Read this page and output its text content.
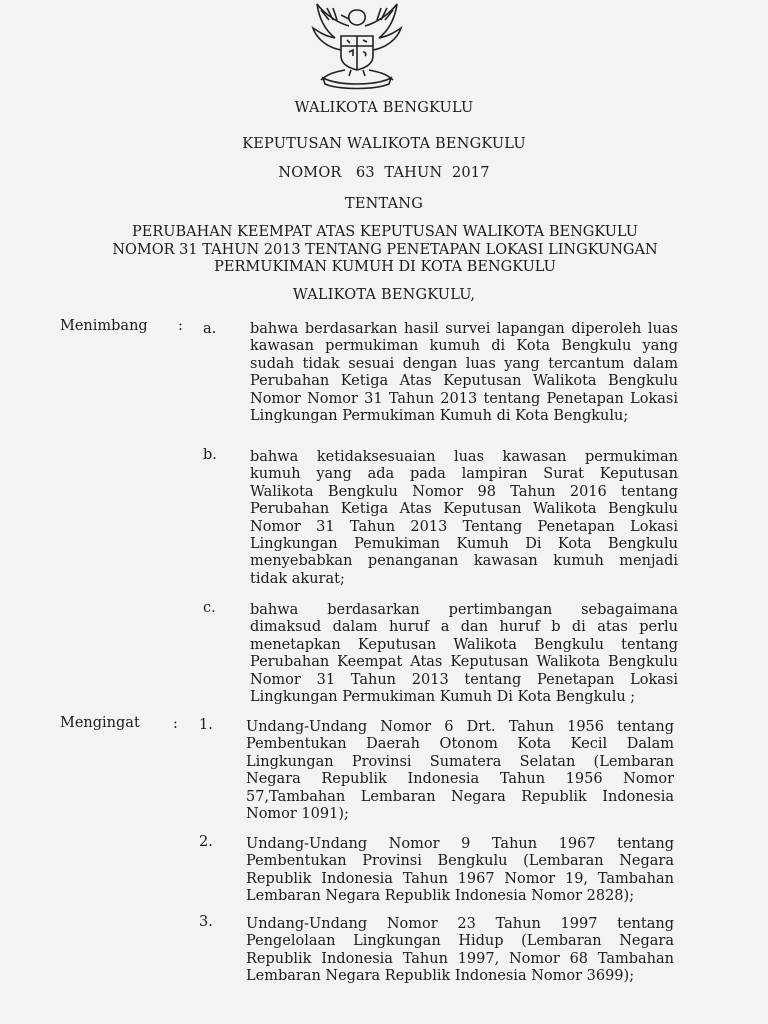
WALIKOTA BENGKULU
KEPUTUSAN WALIKOTA BENGKULU
NOMOR   63  TAHUN  2017
TENTANG
PERUBAHAN KEEMPAT ATAS KEPUTUSAN WALIKOTA BENGKULU
NOMOR 31 TAHUN 2013 TENTANG PENETAPAN LOKASI LINGKUNGAN
PERMUKIMAN KUMUH DI KOTA BENGKULU
WALIKOTA BENGKULU,
Menimbang : a. bahwa berdasarkan hasil survei lapangan diperoleh luas
kawasan permukiman kumuh di Kota Bengkulu yang
sudah tidak sesuai dengan luas yang tercantum dalam
Perubahan Ketiga Atas Keputusan Walikota Bengkulu
Nomor Nomor 31 Tahun 2013 tentang Penetapan Lokasi
Lingkungan Permukiman Kumuh di Kota Bengkulu;
b. bahwa ketidaksesuaian luas kawasan permukiman
kumuh yang ada pada lampiran Surat Keputusan
Walikota Bengkulu Nomor 98 Tahun 2016 tentang
Perubahan Ketiga Atas Keputusan Walikota Bengkulu
Nomor 31 Tahun 2013 Tentang Penetapan Lokasi
Lingkungan Pemukiman Kumuh Di Kota Bengkulu
menyebabkan penanganan kawasan kumuh menjadi
tidak akurat;
c. bahwa berdasarkan pertimbangan sebagaimana
dimaksud dalam huruf a dan huruf b di atas perlu
menetapkan Keputusan Walikota Bengkulu tentang
Perubahan Keempat Atas Keputusan Walikota Bengkulu
Nomor 31 Tahun 2013 tentang Penetapan Lokasi
Lingkungan Permukiman Kumuh Di Kota Bengkulu ;
Mengingat : 1. Undang-Undang Nomor 6 Drt. Tahun 1956 tentang
Pembentukan Daerah Otonom Kota Kecil Dalam
Lingkungan Provinsi Sumatera Selatan (Lembaran
Negara Republik Indonesia Tahun 1956 Nomor
57,Tambahan Lembaran Negara Republik Indonesia
Nomor 1091);
2. Undang-Undang Nomor 9 Tahun 1967 tentang
Pembentukan Provinsi Bengkulu (Lembaran Negara
Republik Indonesia Tahun 1967 Nomor 19, Tambahan
Lembaran Negara Republik Indonesia Nomor 2828);
3. Undang-Undang Nomor 23 Tahun 1997 tentang
Pengelolaan Lingkungan Hidup (Lembaran Negara
Republik Indonesia Tahun 1997, Nomor 68 Tambahan
Lembaran Negara Republik Indonesia Nomor 3699);
